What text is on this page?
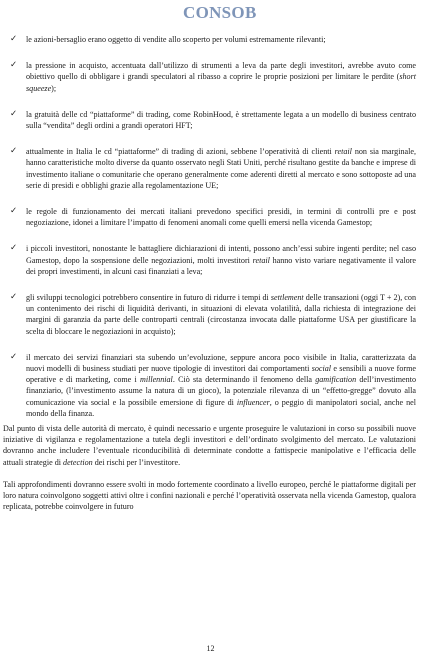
CONSOB
✓ le azioni-bersaglio erano oggetto di vendite allo scoperto per volumi estremamente rilevanti;
✓ la pressione in acquisto, accentuata dall’utilizzo di strumenti a leva da parte degli investitori, avrebbe avuto come obiettivo quello di obbligare i grandi speculatori al ribasso a coprire le proprie posizioni per limitare le perdite (short squeeze);
✓ la gratuità delle cd “piattaforme” di trading, come RobinHood, è strettamente legata a un modello di business centrato sulla “vendita” degli ordini a grandi operatori HFT;
✓ attualmente in Italia le cd “piattaforme” di trading di azioni, sebbene l’operatività di clienti retail non sia marginale, hanno caratteristiche molto diverse da quanto osservato negli Stati Uniti, perché risultano gestite da banche e imprese di investimento italiane o comunitarie che operano generalmente come aderenti diretti al mercato e sono sottoposte ad una serie di presidi e obblighi grazie alla regolamentazione UE;
✓ le regole di funzionamento dei mercati italiani prevedono specifici presidi, in termini di controlli pre e post negoziazione, idonei a limitare l’impatto di fenomeni anomali come quelli emersi nella vicenda Gamestop;
✓ i piccoli investitori, nonostante le battagliere dichiarazioni di intenti, possono anch’essi subire ingenti perdite; nel caso Gamestop, dopo la sospensione delle negoziazioni, molti investitori retail hanno visto variare negativamente il valore dei propri investimenti, in alcuni casi finanziati a leva;
✓ gli sviluppi tecnologici potrebbero consentire in futuro di ridurre i tempi di settlement delle transazioni (oggi T + 2), con un contenimento dei rischi di liquidità derivanti, in situazioni di elevata volatilità, dalla richiesta di integrazione dei margini di garanzia da parte delle controparti centrali (circostanza invocata dalle piattaforme USA per giustificare la scelta di bloccare le negoziazioni in acquisto);
✓ il mercato dei servizi finanziari sta subendo un’evoluzione, seppure ancora poco visibile in Italia, caratterizzata da nuovi modelli di business studiati per nuove tipologie di investitori dai comportamenti social e sensibili a nuove forme operative e di marketing, come i millennial. Ciò sta determinando il fenomeno della gamification dell’investimento finanziario, (l’investimento assume la natura di un gioco), la potenziale rilevanza di un “effetto-gregge” dovuto alla comunicazione via social e la possibile emersione di figure di influencer, o peggio di manipolatori social, anche nel mondo della finanza.
Dal punto di vista delle autorità di mercato, è quindi necessario e urgente proseguire le valutazioni in corso su possibili nuove iniziative di vigilanza e regolamentazione a tutela degli investitori e dell’ordinato svolgimento del mercato. Le valutazioni dovranno anche includere l’eventuale riconducibilità di determinate condotte a fattispecie manipolative e l’efficacia delle attuali strategie di detection dei rischi per l’investitore.
Tali approfondimenti dovranno essere svolti in modo fortemente coordinato a livello europeo, perché le piattaforme digitali per loro natura coinvolgono soggetti attivi oltre i confini nazionali e perché l’operatività osservata nella vicenda Gamestop, qualora replicata, potrebbe coinvolgere in futuro
12
